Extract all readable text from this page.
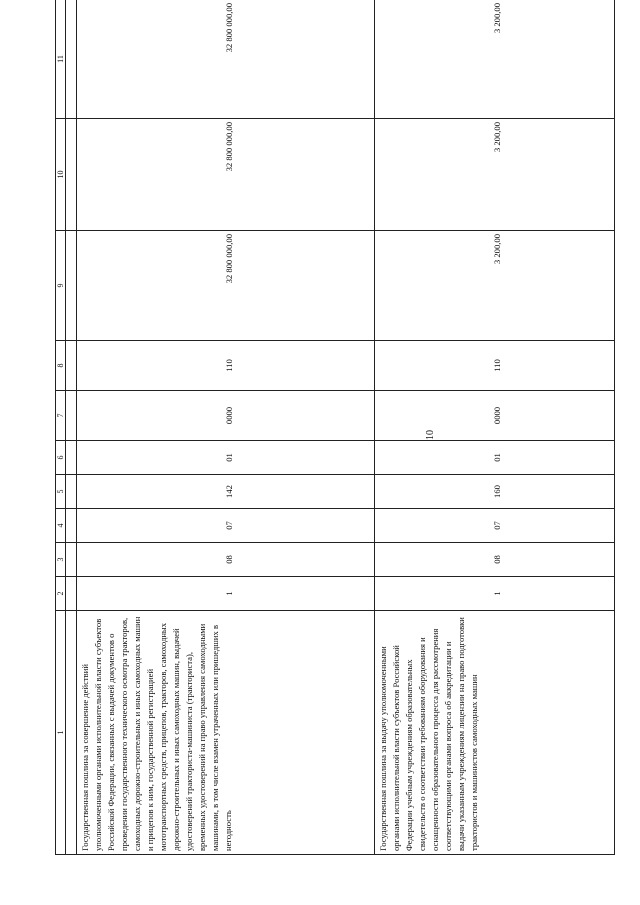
10
1	2	3	4	5	6	7	8	9	10	11

Государственная пошлина за совершение действий уполномоченными органами исполнительной власти субъектов Российской Федерации, связанных с выдачей документов о проведении государственного технического осмотра тракторов, самоходных дорожно-строительных и иных самоходных машин и прицепов к ним, государственной регистрацией мототранспортных средств, прицепов, тракторов, самоходных дорожно-строительных и иных самоходных машин, выдачей удостоверений тракториста-машиниста (тракториста), временных удостоверений на право управления самоходными машинами, в том числе взамен утраченных или пришедших в негодность	1	08	07	142	01	0000	110	32 800 000,00	32 800 000,00	32 800 000,00
Государственная пошлина за выдачу уполномоченными органами исполнительной власти субъектов Российской Федерации учебным учреждениям образовательных свидетельств о соответствии требованиям оборудования и оснащенности образовательного процесса для рассмотрения соответствующими органами вопроса об аккредитации и выдачи указанным учреждениям лицензии на право подготовки трактористов и машинистов самоходных машин	1	08	07	160	01	0000	110	3 200,00	3 200,00	3 200,00
